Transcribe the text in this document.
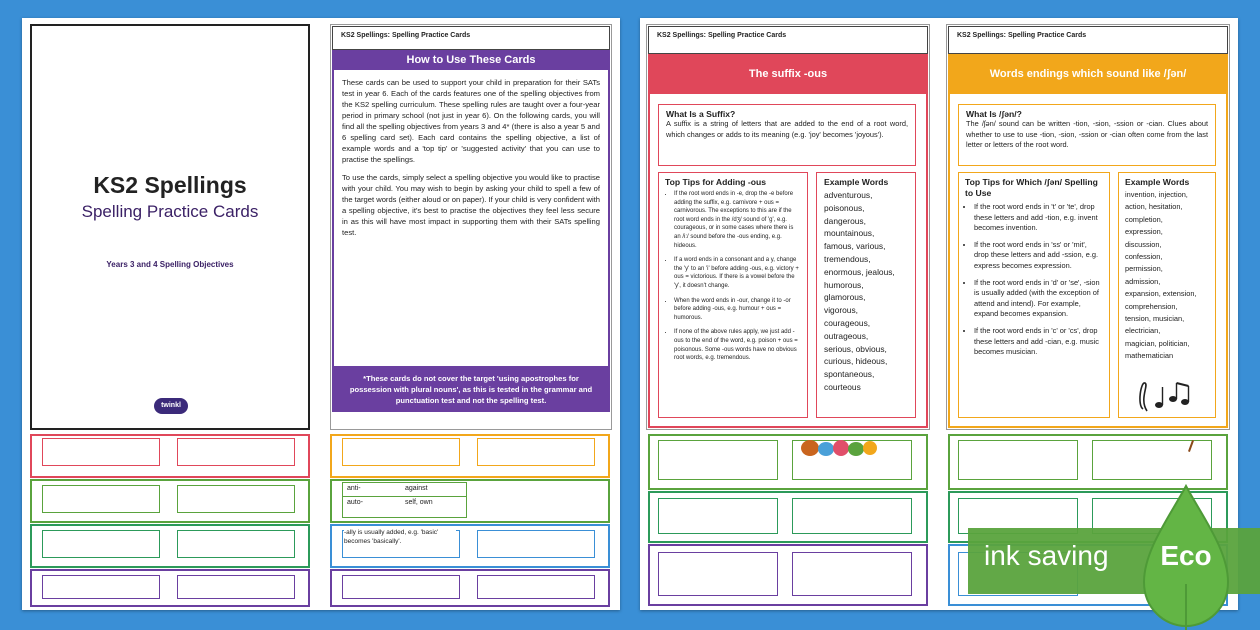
anti-	against
auto-	self, own
-ally is usually added, e.g. 'basic' becomes 'basically'.
KS2 Spellings
Spelling Practice Cards
Years 3 and 4 Spelling Objectives
twinkl
KS2 Spellings: Spelling Practice Cards
How to Use These Cards
These cards can be used to support your child in preparation for their SATs test in year 6. Each of the cards features one of the spelling objectives from the KS2 spelling curriculum. These spelling rules are taught over a four-year period in primary school (not just in year 6). On the following cards, you will find all the spelling objectives from years 3 and 4* (there is also a year 5 and 6 spelling card set). Each card contains the spelling objective, a list of example words and a 'top tip' or 'suggested activity' that you can use to practise the spellings.
To use the cards, simply select a spelling objective you would like to practise with your child. You may wish to begin by asking your child to spell a few of the target words (either aloud or on paper). If your child is very confident with a spelling objective, it's best to practise the objectives they feel less secure in as this will have most impact in supporting them with their SATs spelling test.
*These cards do not cover the target 'using apostrophes for possession with plural nouns', as this is tested in the grammar and punctuation test and not the spelling test.
KS2 Spellings: Spelling Practice Cards
The suffix -ous
What Is a Suffix?
A suffix is a string of letters that are added to the end of a root word, which changes or adds to its meaning (e.g. 'joy' becomes 'joyous').
Top Tips for Adding -ous
• If the root word ends in -e, drop the -e before adding the suffix, e.g. carnivore + ous = carnivorous. The exceptions to this are if the root word ends in the /dʒ/ sound of 'g', e.g. courageous, or in some cases where there is an /i:/ sound before the -ous ending, e.g. hideous.
• If a word ends in a consonant and a y, change the 'y' to an 'i' before adding -ous, e.g. victory + ous = victorious. If there is a vowel before the 'y', it doesn't change.
• When the word ends in -our, change it to -or before adding -ous, e.g. humour + ous = humorous.
• If none of the above rules apply, we just add -ous to the end of the word, e.g. poison + ous = poisonous. Some -ous words have no obvious root words, e.g. tremendous.
Example Words
adventurous,
poisonous,
dangerous,
mountainous,
famous, various,
tremendous,
enormous, jealous,
humorous,
glamorous,
vigorous,
courageous,
outrageous,
serious, obvious,
curious, hideous,
spontaneous,
courteous
KS2 Spellings: Spelling Practice Cards
Words endings which sound like /ʃən/
What Is /ʃən/?
The /ʃən/ sound can be written -tion, -sion, -ssion or -cian. Clues about whether to use to use -tion, -sion, -ssion or -cian often come from the last letter or letters of the root word.
Top Tips for Which /ʃən/ Spelling to Use
• If the root word ends in 't' or 'te', drop these letters and add -tion, e.g. invent becomes invention.
• If the root word ends in 'ss' or 'mit', drop these letters and add -ssion, e.g. express becomes expression.
• If the root word ends in 'd' or 'se', -sion is usually added (with the exception of attend and intend). For example, expand becomes expansion.
• If the root word ends in 'c' or 'cs', drop these letters and add -cian, e.g. music becomes musician.
Example Words
invention, injection,
action, hesitation,
completion,
expression,
discussion,
confession,
permission,
admission,
expansion, extension,
comprehension,
tension, musician,
electrician,
magician, politician,
mathematician
ink saving	Eco
